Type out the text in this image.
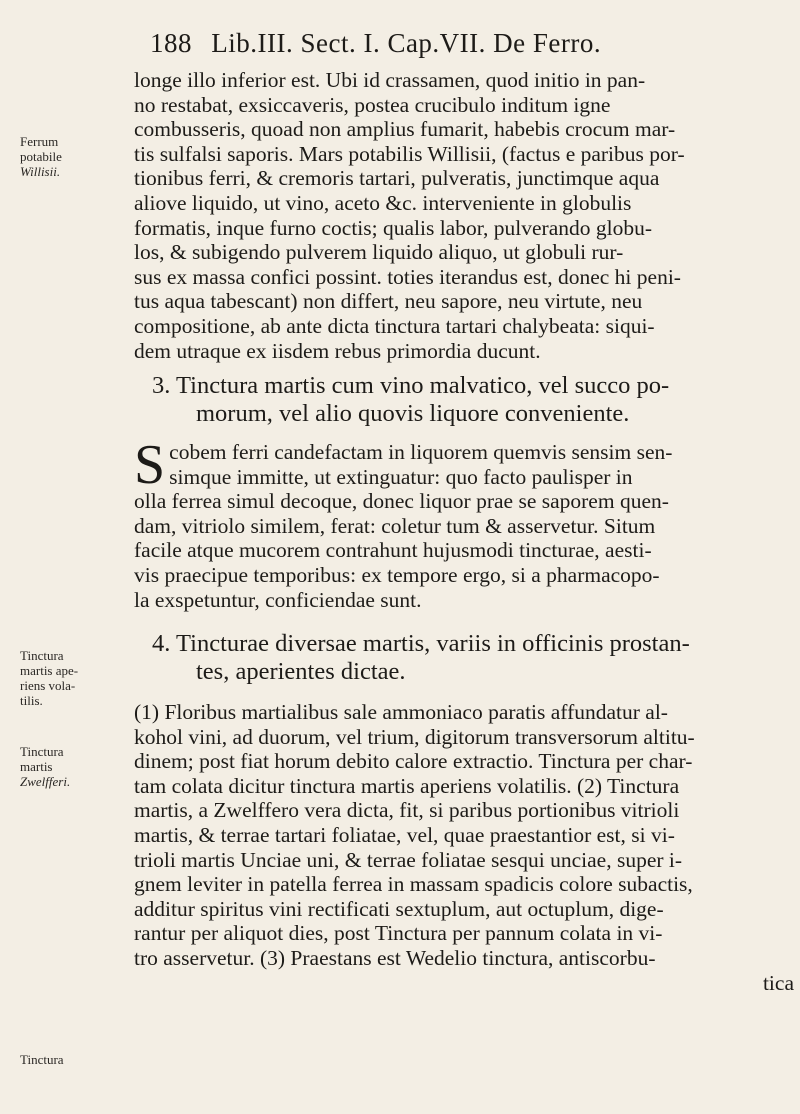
188 Lib.III. Sect. I. Cap.VII. De Ferro.
Ferrum
potabile
Willisii.
Tinctura
martis ape-
riens vola-
tilis.
Tinctura
martis
Zwelfferi.
Tinctura
longe illo inferior est. Ubi id crassamen, quod initio in pan-
no restabat, exsiccaveris, postea crucibulo inditum igne
combusseris, quoad non amplius fumarit, habebis crocum mar-
tis sulfalsi saporis. Mars potabilis Willisii, (factus e paribus por-
tionibus ferri, & cremoris tartari, pulveratis, junctimque aqua
aliove liquido, ut vino, aceto &c. interveniente in globulis
formatis, inque furno coctis; qualis labor, pulverando globu-
los, & subigendo pulverem liquido aliquo, ut globuli rur-
sus ex massa confici possint. toties iterandus est, donec hi peni-
tus aqua tabescant) non differt, neu sapore, neu virtute, neu
compositione, ab ante dicta tinctura tartari chalybeata: siqui-
dem utraque ex iisdem rebus primordia ducunt.
3. Tinctura martis cum vino malvatico, vel succo po-
morum, vel alio quovis liquore conveniente.
S cobem ferri candefactam in liquorem quemvis sensim sen-
simque immitte, ut extinguatur: quo facto paulisper in
olla ferrea simul decoque, donec liquor prae se saporem quen-
dam, vitriolo similem, ferat: coletur tum & asservetur. Situm
facile atque mucorem contrahunt hujusmodi tincturae, aesti-
vis praecipue temporibus: ex tempore ergo, si a pharmacopo-
la exspetuntur, conficiendae sunt.
4. Tincturae diversae martis, variis in officinis prostan-
tes, aperientes dictae.
(1) Floribus martialibus sale ammoniaco paratis affundatur al-
kohol vini, ad duorum, vel trium, digitorum transversorum altitu-
dinem; post fiat horum debito calore extractio. Tinctura per char-
tam colata dicitur tinctura martis aperiens volatilis. (2) Tinctura
martis, a Zwelffero vera dicta, fit, si paribus portionibus vitrioli
martis, & terrae tartari foliatae, vel, quae praestantior est, si vi-
trioli martis Unciae uni, & terrae foliatae sesqui unciae, super i-
gnem leviter in patella ferrea in massam spadicis colore subactis,
additur spiritus vini rectificati sextuplum, aut octuplum, dige-
rantur per aliquot dies, post Tinctura per pannum colata in vi-
tro asservetur. (3) Praestans est Wedelio tinctura, antiscorbu-
tica
